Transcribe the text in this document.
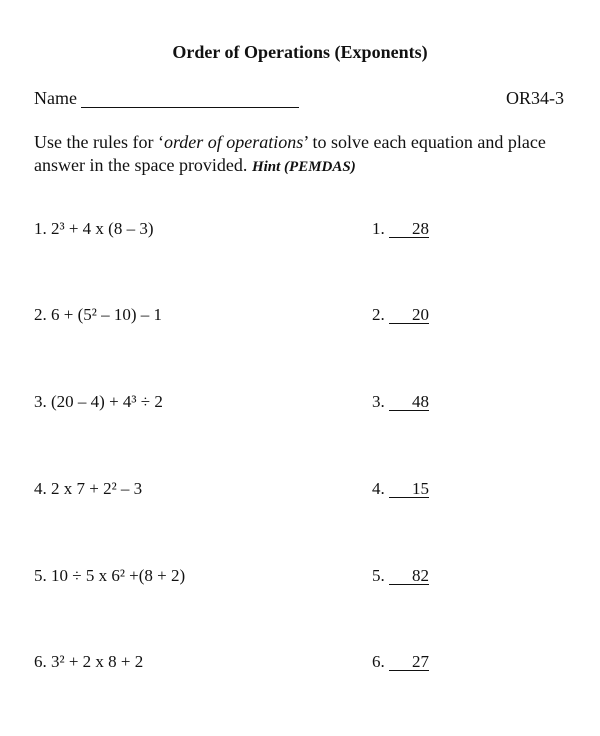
Order of Operations (Exponents)
Name	OR34-3
Use the rules for ‘order of operations’ to solve each equation and place answer in the space provided. Hint (PEMDAS)
1. 2³ + 4 x (8 – 3)	1. 28
2. 6 + (5² – 10) – 1	2. 20
3. (20 – 4) + 4³ ÷ 2	3. 48
4. 2 x 7 + 2² – 3	4. 15
5. 10 ÷ 5 x 6² +(8 + 2)	5. 82
6. 3² + 2 x 8 + 2	6. 27
